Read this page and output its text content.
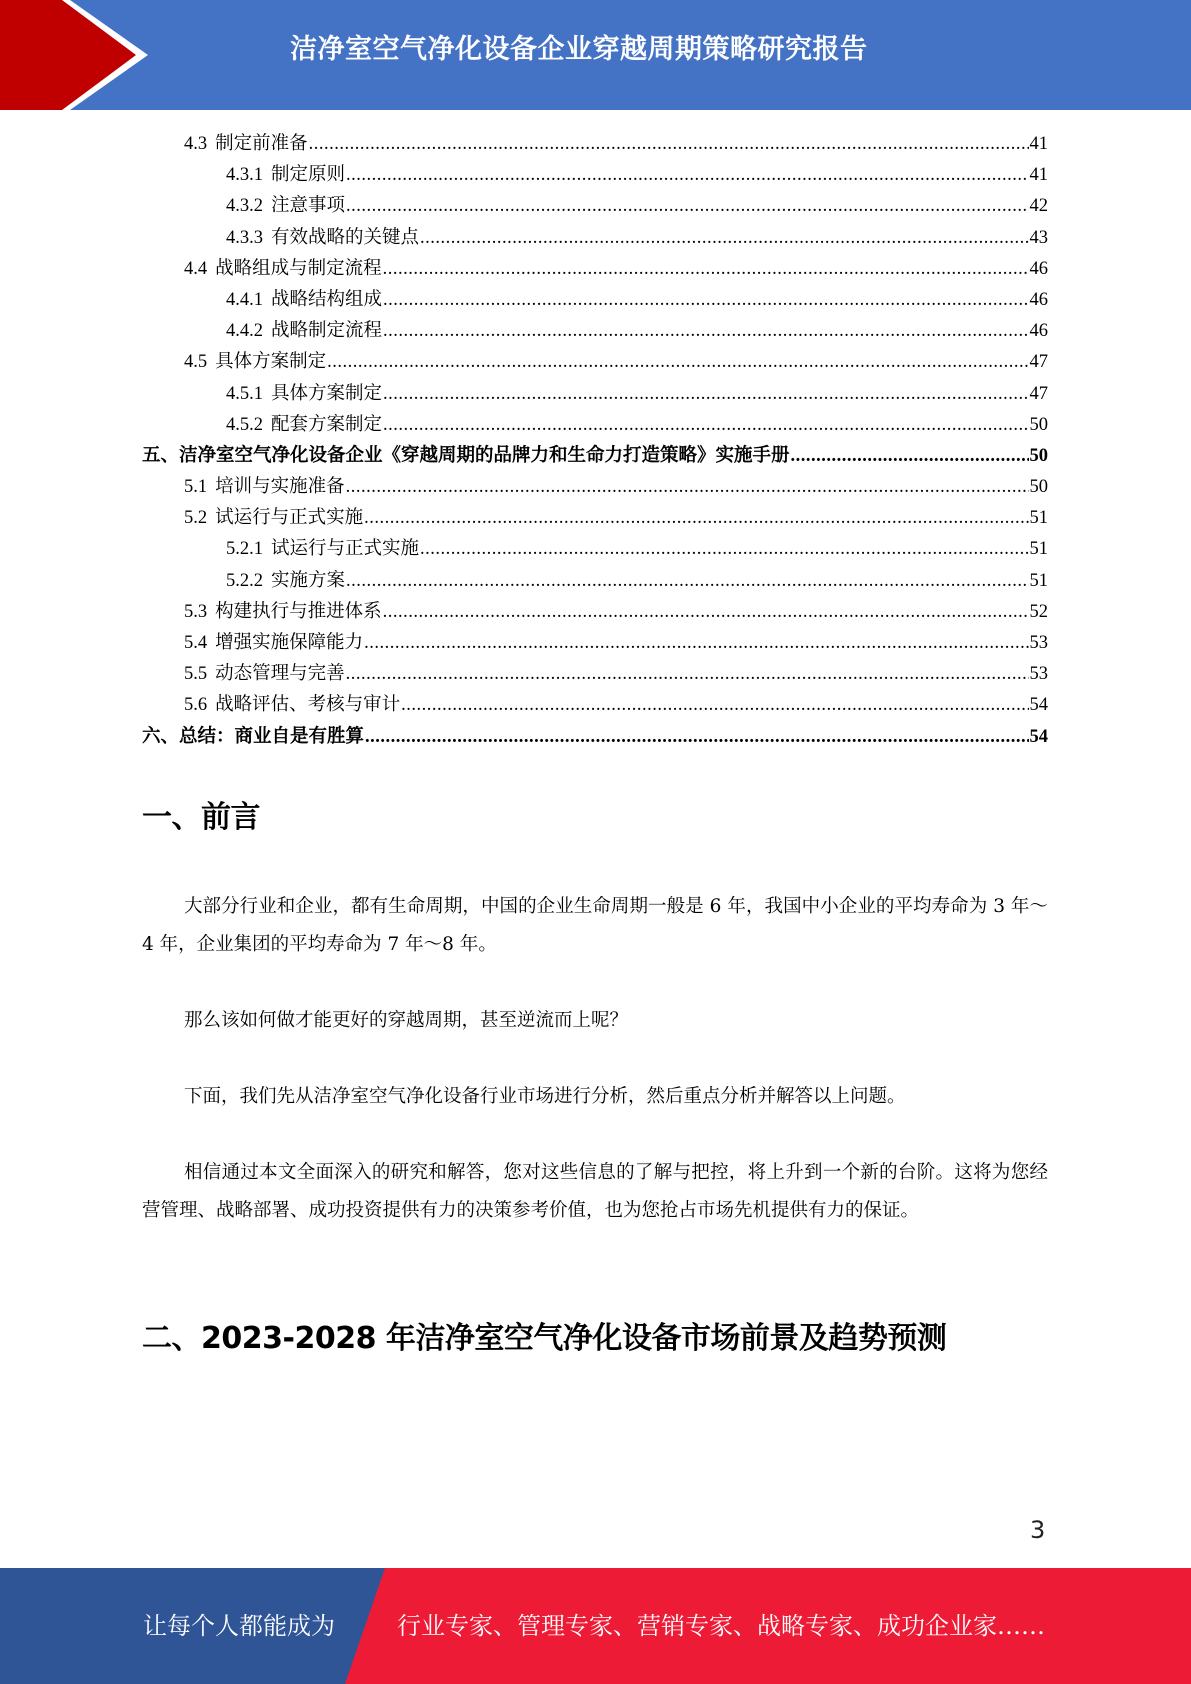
洁净室空气净化设备企业穿越周期策略研究报告
4.3 制定前准备 .....	41
4.3.1 制定原则 .....	41
4.3.2 注意事项 .....	42
4.3.3 有效战略的关键点 .....	43
4.4 战略组成与制定流程 .....	46
4.4.1 战略结构组成 .....	46
4.4.2 战略制定流程 .....	46
4.5 具体方案制定 .....	47
4.5.1 具体方案制定 .....	47
4.5.2 配套方案制定 .....	50
五、洁净室空气净化设备企业《穿越周期的品牌力和生命力打造策略》实施手册 .....	50
5.1 培训与实施准备 .....	50
5.2 试运行与正式实施 .....	51
5.2.1 试运行与正式实施 .....	51
5.2.2 实施方案 .....	51
5.3 构建执行与推进体系 .....	52
5.4 增强实施保障能力 .....	53
5.5 动态管理与完善 .....	53
5.6 战略评估、考核与审计 .....	54
六、总结：商业自是有胜算 .....	54
一、前言
大部分行业和企业，都有生命周期，中国的企业生命周期一般是 6 年，我国中小企业的平均寿命为 3 年～4 年，企业集团的平均寿命为 7 年～8 年。
那么该如何做才能更好的穿越周期，甚至逆流而上呢？
下面，我们先从洁净室空气净化设备行业市场进行分析，然后重点分析并解答以上问题。
相信通过本文全面深入的研究和解答，您对这些信息的了解与把控，将上升到一个新的台阶。这将为您经营管理、战略部署、成功投资提供有力的决策参考价值，也为您抢占市场先机提供有力的保证。
二、2023-2028 年洁净室空气净化设备市场前景及趋势预测
3
让每个人都能成为	行业专家、管理专家、营销专家、战略专家、成功企业家……
